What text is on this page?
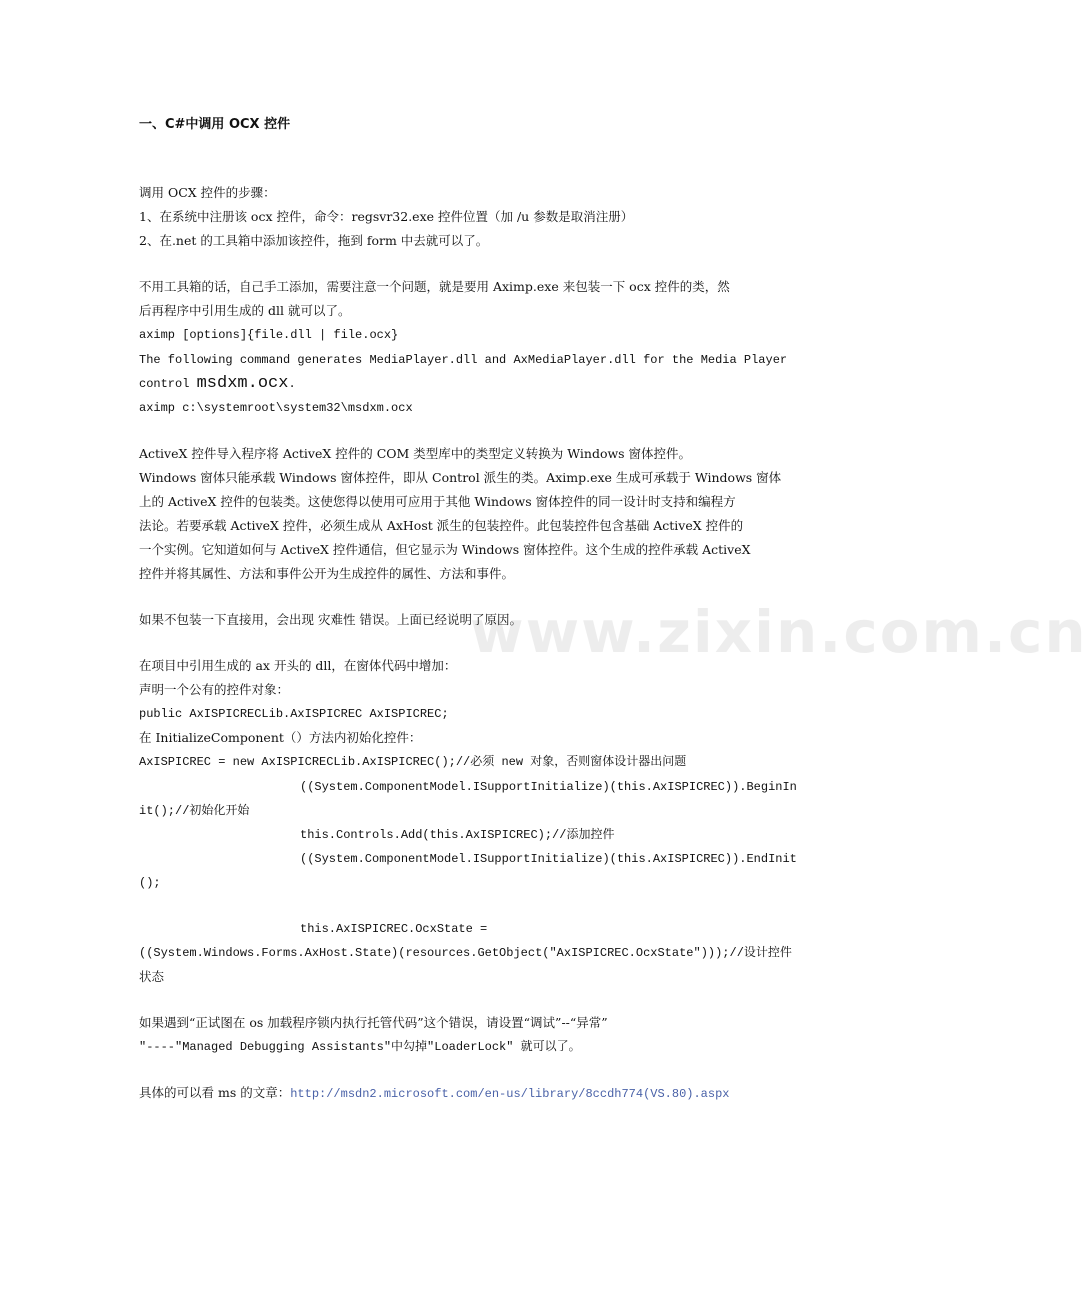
一、C#中调用 OCX 控件
调用 OCX 控件的步骤：
1、在系统中注册该 ocx 控件，命令：regsvr32.exe 控件位置（加 /u 参数是取消注册）
2、在.net 的工具箱中添加该控件，拖到 form 中去就可以了。
不用工具箱的话，自己手工添加，需要注意一个问题，就是要用 Aximp.exe 来包装一下 ocx 控件的类，然
后再程序中引用生成的 dll 就可以了。
aximp [options]{file.dll | file.ocx}
The following command generates MediaPlayer.dll and AxMediaPlayer.dll for the Media Player
control msdxm.ocx.
aximp c:\systemroot\system32\msdxm.ocx
ActiveX 控件导入程序将 ActiveX 控件的 COM 类型库中的类型定义转换为 Windows 窗体控件。
Windows 窗体只能承载 Windows 窗体控件，即从 Control 派生的类。Aximp.exe 生成可承载于 Windows 窗体
上的 ActiveX 控件的包装类。这使您得以使用可应用于其他 Windows 窗体控件的同一设计时支持和编程方
法论。若要承载 ActiveX 控件，必须生成从 AxHost 派生的包装控件。此包装控件包含基础 ActiveX 控件的
一个实例。它知道如何与 ActiveX 控件通信，但它显示为 Windows 窗体控件。这个生成的控件承载 ActiveX
控件并将其属性、方法和事件公开为生成控件的属性、方法和事件。
如果不包装一下直接用，会出现 灾难性 错误。上面已经说明了原因。
在项目中引用生成的 ax 开头的 dll，在窗体代码中增加：
声明一个公有的控件对象：
public AxISPICRECLib.AxISPICREC AxISPICREC;
在 InitializeComponent（）方法内初始化控件：
AxISPICREC = new AxISPICRECLib.AxISPICREC();//必须 new 对象，否则窗体设计器出问题
((System.ComponentModel.ISupportInitialize)(this.AxISPICREC)).BeginIn
it();//初始化开始
this.Controls.Add(this.AxISPICREC);//添加控件
((System.ComponentModel.ISupportInitialize)(this.AxISPICREC)).EndInit
();
this.AxISPICREC.OcxState =
((System.Windows.Forms.AxHost.State)(resources.GetObject("AxISPICREC.OcxState")));//设计控件
状态
如果遇到“正试图在 os 加载程序锁内执行托管代码”这个错误，请设置“调试”--“异常”
"----"Managed Debugging Assistants"中勾掉"LoaderLock" 就可以了。
具体的可以看 ms 的文章：http://msdn2.microsoft.com/en-us/library/8ccdh774(VS.80).aspx
www.zixin.com.cn
